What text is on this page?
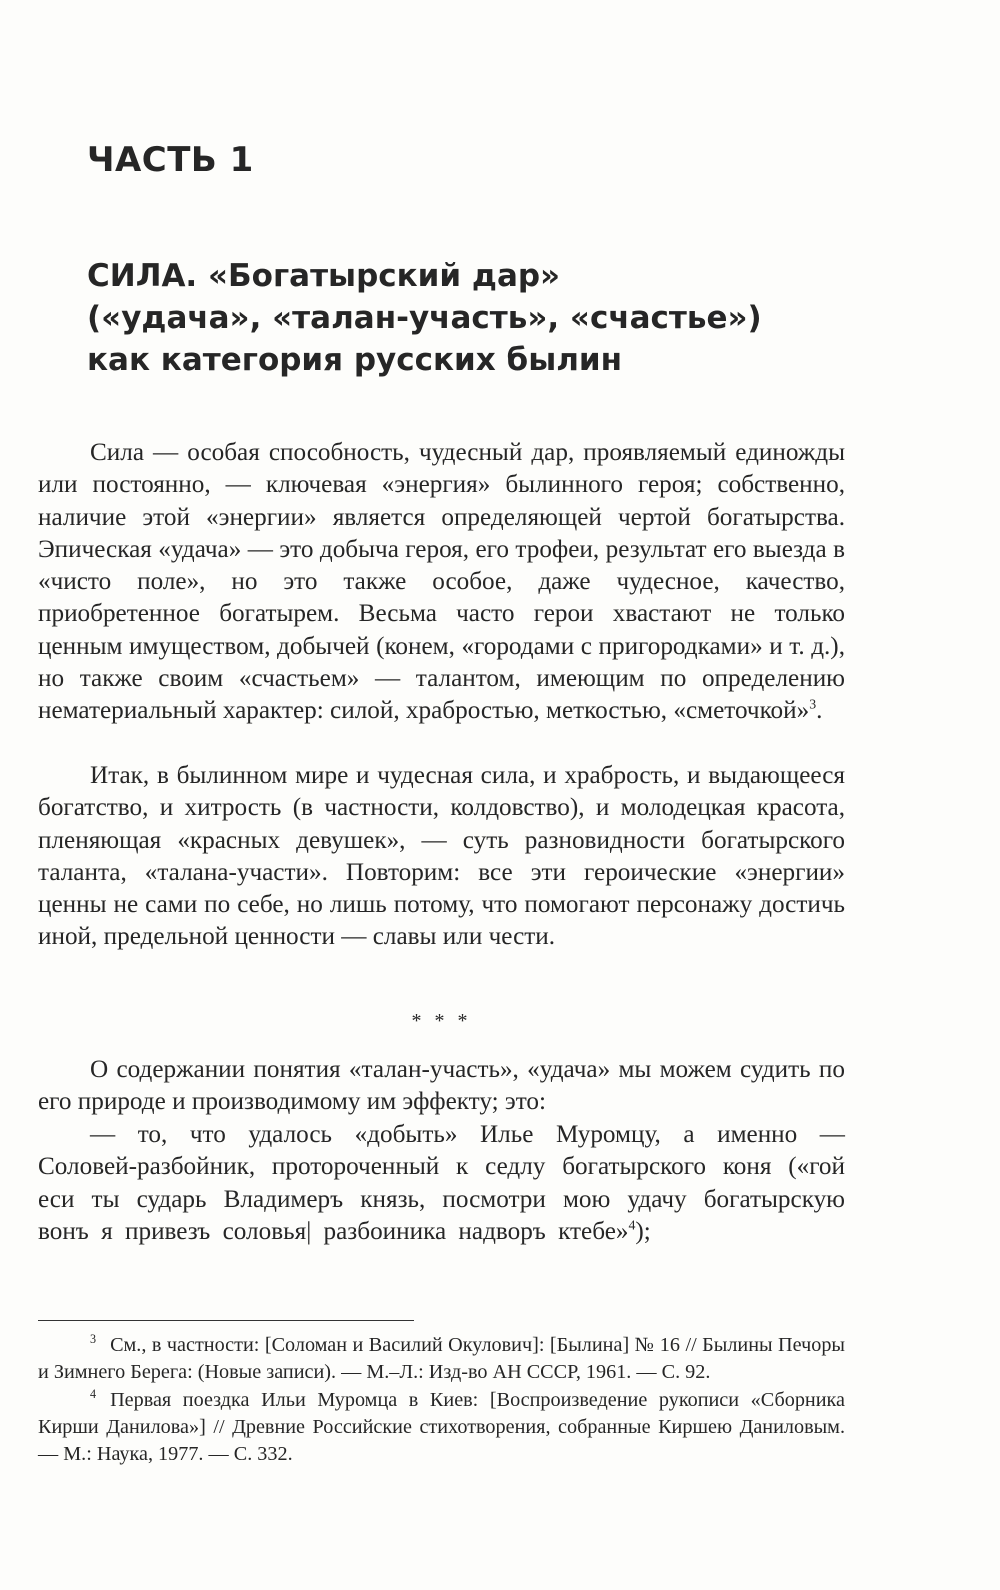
ЧАСТЬ 1
СИЛА. «Богатырский дар»
(«удача», «талан-участь», «счастье»)
как категория русских былин

Сила — особая способность, чудесный дар, проявляемый единожды или постоянно, — ключевая «энергия» былинного героя; собственно, наличие этой «энергии» является определяющей чертой богатырства. Эпическая «удача» — это добыча героя, его трофеи, результат его выезда в «чисто поле», но это также особое, даже чудесное, качество, приобретенное богатырем. Весьма часто герои хвастают не только ценным имуществом, добычей (конем, «городами с пригородками» и т. д.), но также своим «счастьем» — талантом, имеющим по определению нематериальный характер: силой, храбростью, меткостью, «сметочкой»$^3$.

Итак, в былинном мире и чудесная сила, и храбрость, и выдающееся богатство, и хитрость (в частности, колдовство), и молодецкая красота, пленяющая «красных девушек», — суть разновидности богатырского таланта, «талана-участи». Повторим: все эти героические «энергии» ценны не сами по себе, но лишь потому, что помогают персонажу достичь иной, предельной ценности — славы или чести.

* * *

О содержании понятия «талан-участь», «удача» мы можем судить по его природе и производимому им эффекту; это:

— то, что удалось «добыть» Илье Муромцу, а именно — Соловей-разбойник, протороченный к седлу богатырского коня («гой еси ты сударь Владимеръ князь, посмотри мою удачу богатырскую вонъ я привезъ соловья| разбоиника надворъ ктебе»$^4$);

$^3$ См., в частности: [Соломан и Василий Окулович]: [Былина] № 16 // Былины Печоры и Зимнего Берега: (Новые записи). — М.–Л.: Изд-во АН СССР, 1961. — С. 92.

$^4$ Первая поездка Ильи Муромца в Киев: [Воспроизведение рукописи «Сборника Кирши Данилова»] // Древние Российские стихотворения, собранные Киршею Даниловым. — М.: Наука, 1977. — С. 332.
